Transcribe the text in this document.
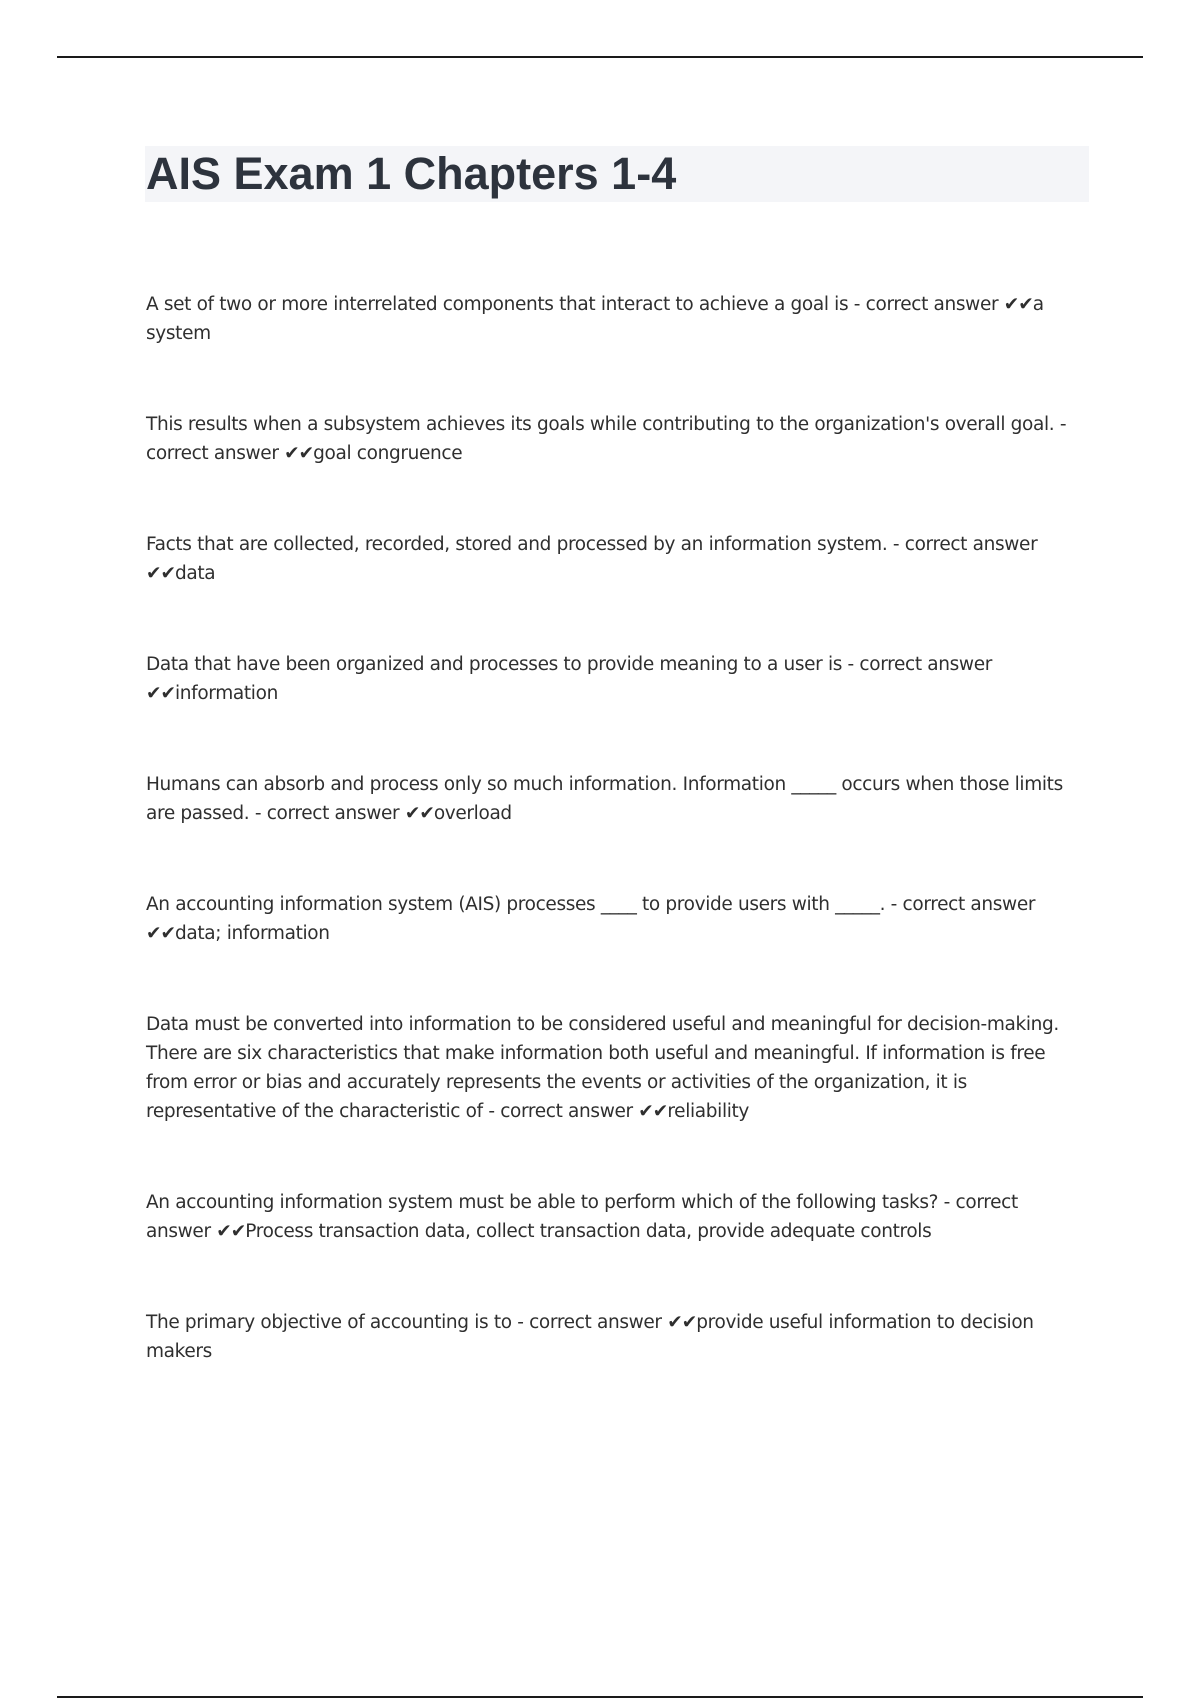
AIS Exam 1 Chapters 1-4

A set of two or more interrelated components that interact to achieve a goal is - correct answer ✔✔a system

This results when a subsystem achieves its goals while contributing to the organization's overall goal. - correct answer ✔✔goal congruence

Facts that are collected, recorded, stored and processed by an information system. - correct answer ✔✔data

Data that have been organized and processes to provide meaning to a user is - correct answer ✔✔information

Humans can absorb and process only so much information. Information _____ occurs when those limits are passed. - correct answer ✔✔overload

An accounting information system (AIS) processes ____ to provide users with _____. - correct answer ✔✔data; information

Data must be converted into information to be considered useful and meaningful for decision-making. There are six characteristics that make information both useful and meaningful. If information is free from error or bias and accurately represents the events or activities of the organization, it is representative of the characteristic of - correct answer ✔✔reliability

An accounting information system must be able to perform which of the following tasks? - correct answer ✔✔Process transaction data, collect transaction data, provide adequate controls

The primary objective of accounting is to - correct answer ✔✔provide useful information to decision makers
